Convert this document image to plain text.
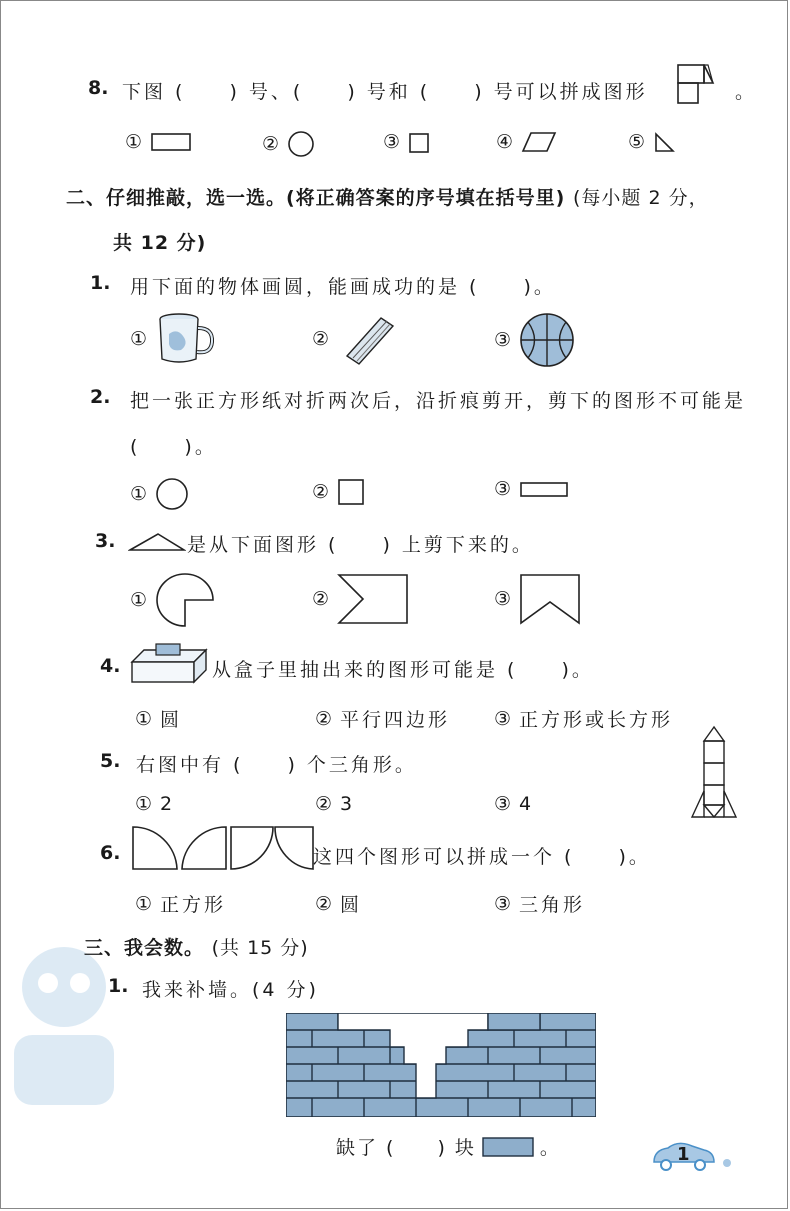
8. 下图 (　　) 号、(　　) 号和 (　　) 号可以拼成图形	。
①	②	③	④	⑤
二、仔细推敲，选一选。(将正确答案的序号填在括号里) (每小题 2 分，
共 12 分)
1. 用下面的物体画圆，能画成功的是 (　　)。
①	②	③
2. 把一张正方形纸对折两次后，沿折痕剪开，剪下的图形不可能是
(　　)。
①	②	③
3.	是从下面图形 (　　) 上剪下来的。
①	②	③
4.	从盒子里抽出来的图形可能是 (　　)。
① 圆	② 平行四边形 ③ 正方形或长方形
5. 右图中有 (　　) 个三角形。
① 2	② 3	③ 4
6.	这四个图形可以拼成一个 (　　)。
① 正方形	② 圆	③ 三角形
三、我会数。 (共 15 分)
1. 我来补墙。(4 分)
缺了 (　　) 块	。	1
